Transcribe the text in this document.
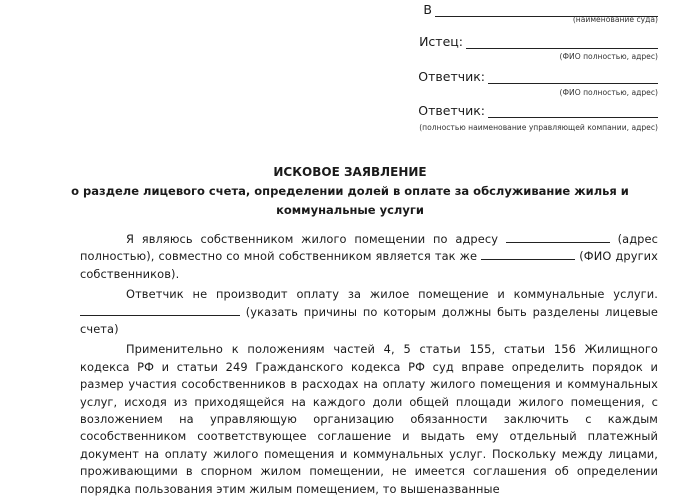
В
(наименование суда)
Истец:
(ФИО полностью, адрес)
Ответчик:
(ФИО полностью, адрес)
Ответчик:
(полностью наименование управляющей компании, адрес)
ИСКОВОЕ ЗАЯВЛЕНИЕ
о разделе лицевого счета, определении долей в оплате за обслуживание жилья и
коммунальные услуги

Я являюсь собственником жилого помещении по адресу	(адрес полностью), совместно со мной собственником является так же	(ФИО других собственников).

Ответчик не производит оплату за жилое помещение и коммунальные услуги.  (указать причины по которым должны быть разделены лицевые счета)

Применительно к положениям частей 4, 5 статьи 155, статьи 156 Жилищного кодекса РФ и статьи 249 Гражданского кодекса РФ суд вправе определить порядок и размер участия сособственников в расходах на оплату жилого помещения и коммунальных услуг, исходя из приходящейся на каждого доли общей площади жилого помещения, с возложением на управляющую организацию обязанности заключить с каждым сособственником соответствующее соглашение и выдать ему отдельный платежный документ на оплату жилого помещения и коммунальных услуг. Поскольку между лицами, проживающими в спорном жилом помещении, не имеется соглашения об определении порядка пользования этим жилым помещением, то вышеназванные
